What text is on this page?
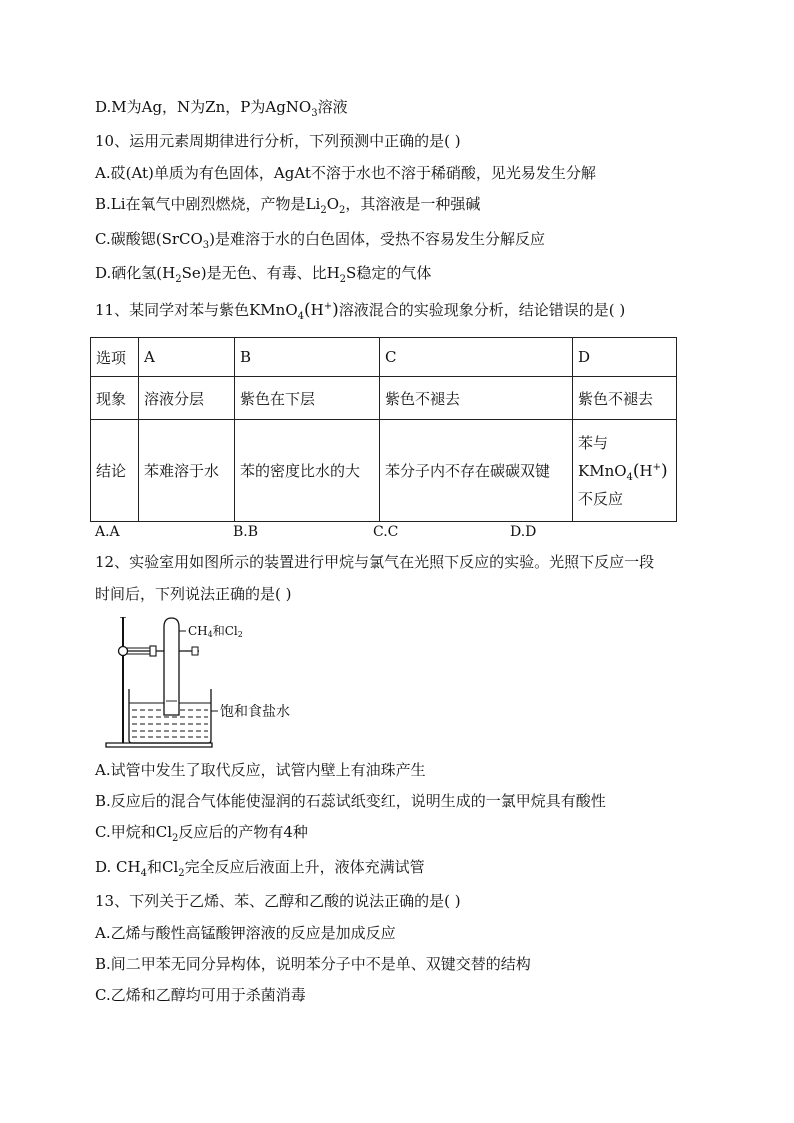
D.M为Ag，N为Zn，P为AgNO$_3$溶液
10、运用元素周期律进行分析，下列预测中正确的是( )
A.砹(At)单质为有色固体，AgAt不溶于水也不溶于稀硝酸，见光易发生分解
B.Li在氧气中剧烈燃烧，产物是$Li_2O_2$，其溶液是一种强碱
C.碳酸锶(SrCO$_3$)是难溶于水的白色固体，受热不容易发生分解反应
D.硒化氢$(H_2Se)$是无色、有毒、比$H_2S$稳定的气体
11、某同学对苯与紫色KMnO$_4$(H+)溶液混合的实验现象分析，结论错误的是( )
选项	A	B	C	D
现象	溶液分层	紫色在下层	紫色不褪去	紫色不褪去
结论	苯难溶于水	苯的密度比水的大	苯分子内不存在碳碳双键	苯与
KMnO$_4$(H+)
不反应
A.A	B.B	C.C	D.D
12、实验室用如图所示的装置进行甲烷与氯气在光照下反应的实验。光照下反应一段
时间后，下列说法正确的是( )
CH4和Cl2
饱和食盐水
A.试管中发生了取代反应，试管内壁上有油珠产生
B.反应后的混合气体能使湿润的石蕊试纸变红，说明生成的一氯甲烷具有酸性
C.甲烷和$Cl_2$反应后的产物有4种
D. $CH_4$和$Cl_2$完全反应后液面上升，液体充满试管
13、下列关于乙烯、苯、乙醇和乙酸的说法正确的是( )
A.乙烯与酸性高锰酸钾溶液的反应是加成反应
B.间二甲苯无同分异构体，说明苯分子中不是单、双键交替的结构
C.乙烯和乙醇均可用于杀菌消毒
